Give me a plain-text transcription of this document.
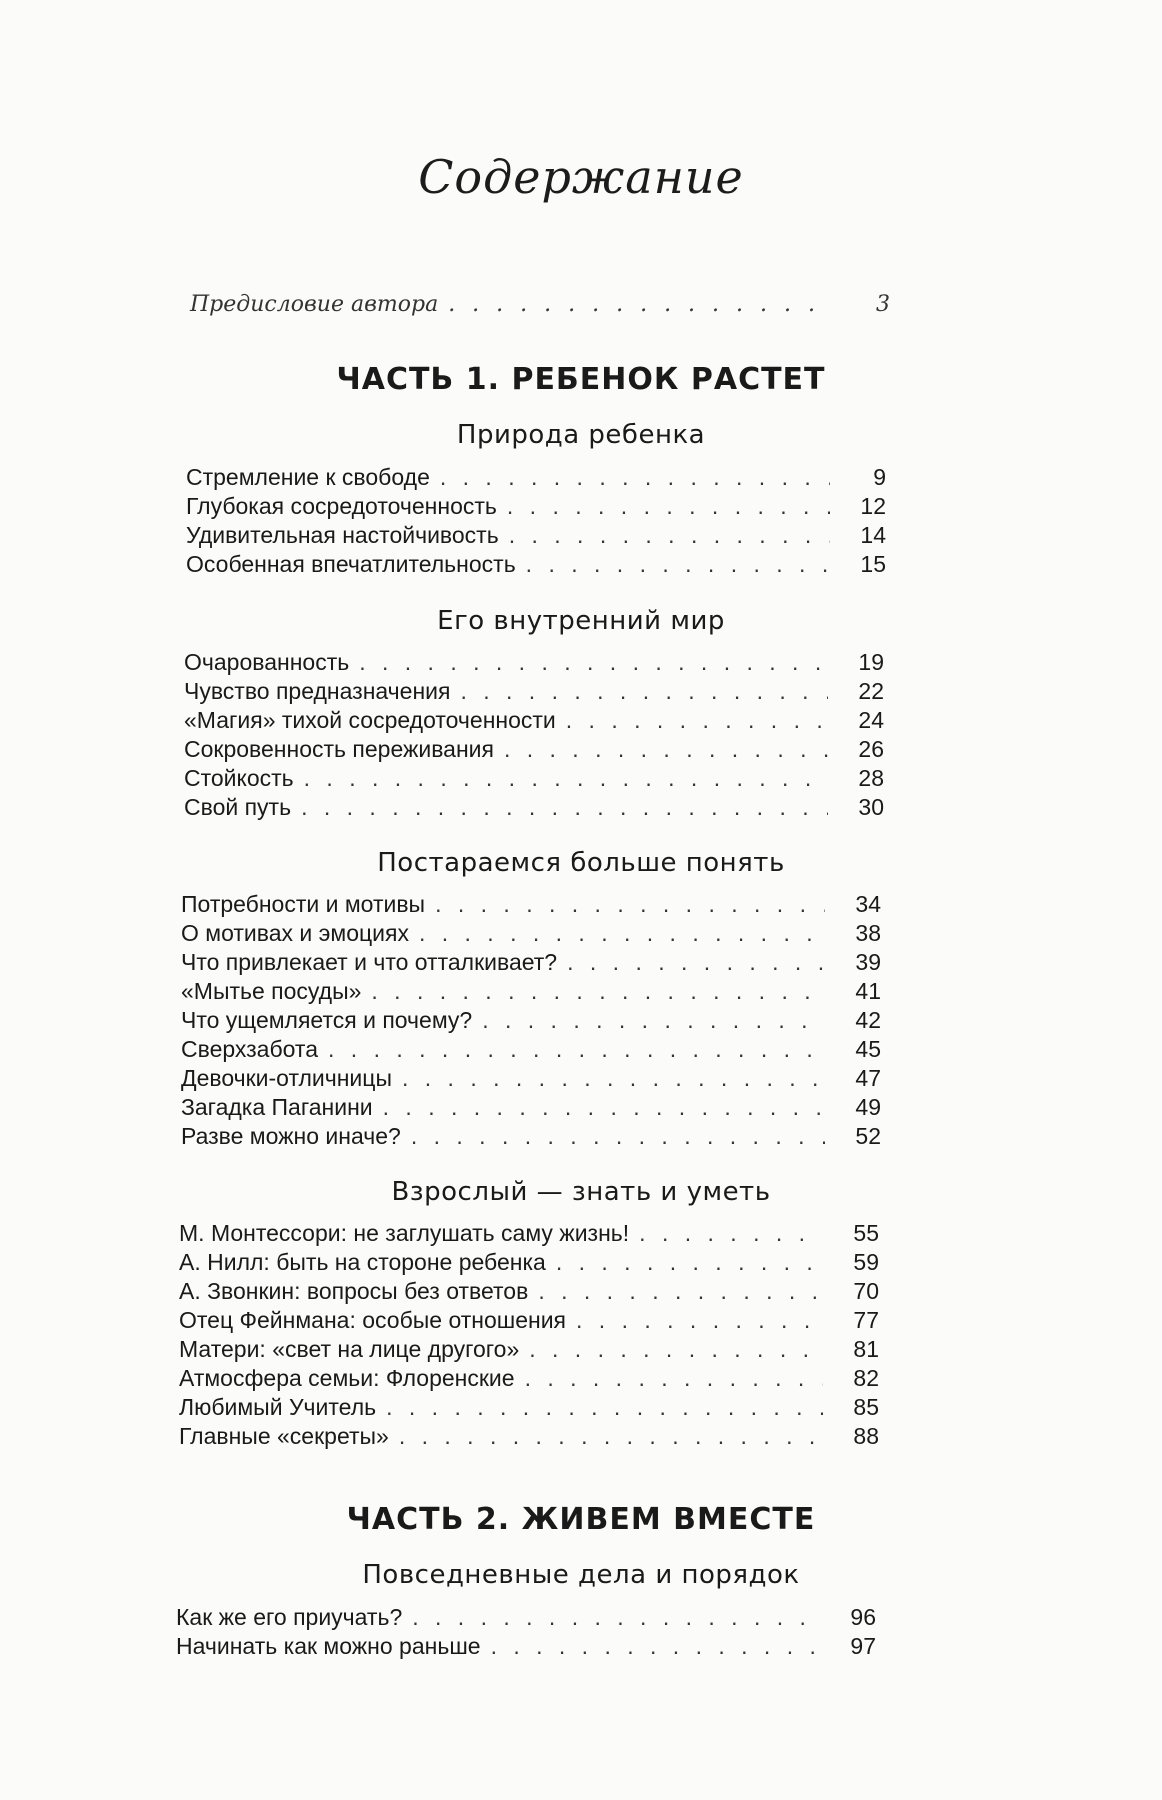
Содержание
Предисловие автора . . .	3
ЧАСТЬ 1. РЕБЕНОК РАСТЕТ
Природа ребенка
Стремление к свободе . . .	9
Глубокая сосредоточенность . . .	12
Удивительная настойчивость . . .	14
Особенная впечатлительность . . .	15
Его внутренний мир
Очарованность . . .	19
Чувство предназначения . . .	22
«Магия» тихой сосредоточенности . . .	24
Сокровенность переживания . . .	26
Стойкость . . .	28
Свой путь . . .	30
Постараемся больше понять
Потребности и мотивы . . .	34
О мотивах и эмоциях . . .	38
Что привлекает и что отталкивает? . . .	39
«Мытье посуды» . . .	41
Что ущемляется и почему? . . .	42
Сверхзабота . . .	45
Девочки-отличницы . . .	47
Загадка Паганини . . .	49
Разве можно иначе? . . .	52
Взрослый — знать и уметь
М. Монтессори: не заглушать саму жизнь! . . .	55
А. Нилл: быть на стороне ребенка . . .	59
А. Звонкин: вопросы без ответов . . .	70
Отец Фейнмана: особые отношения . . .	77
Матери: «свет на лице другого» . . .	81
Атмосфера семьи: Флоренские . . .	82
Любимый Учитель . . .	85
Главные «секреты» . . .	88
ЧАСТЬ 2. ЖИВЕМ ВМЕСТЕ
Повседневные дела и порядок
Как же его приучать? . . .	96
Начинать как можно раньше . . .	97
